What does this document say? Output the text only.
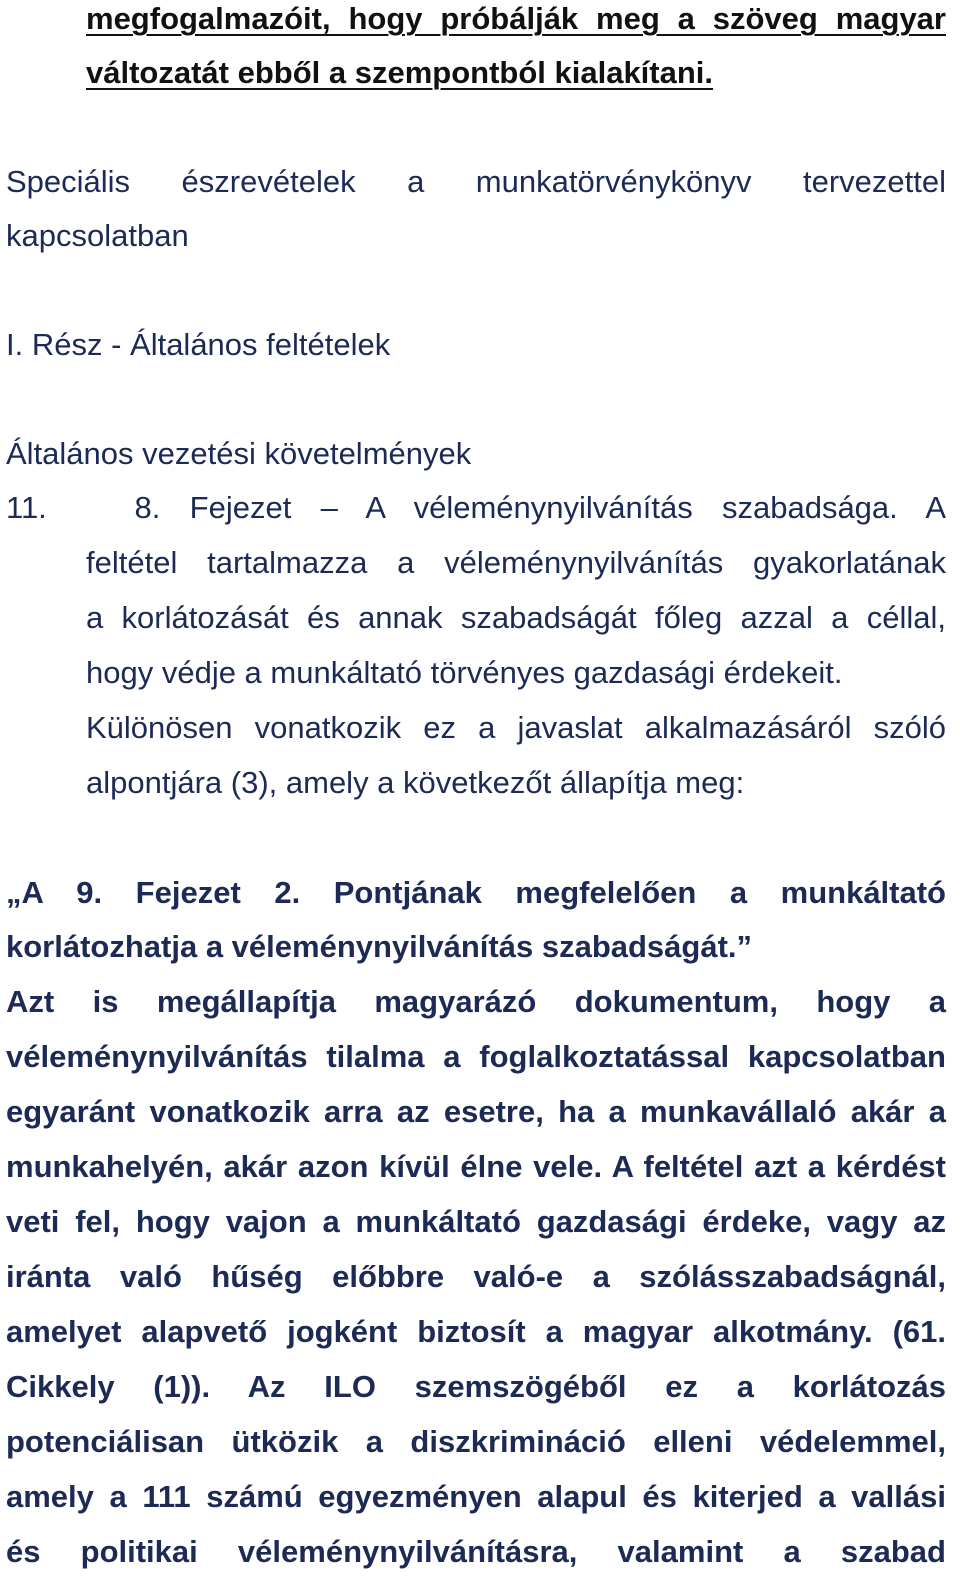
megfogalmazóit, hogy próbálják meg a szöveg magyar
változatát ebből a szempontból kialakítani.
Speciális észrevételek a munkatörvénykönyv tervezettel
kapcsolatban
I. Rész - Általános feltételek
Általános vezetési követelmények
11.   8. Fejezet – A véleménynyilvánítás szabadsága. A
feltétel tartalmazza a véleménynyilvánítás gyakorlatának
a korlátozását és annak szabadságát főleg azzal a céllal,
hogy védje a munkáltató törvényes gazdasági érdekeit.
Különösen vonatkozik ez a javaslat alkalmazásáról szóló
alpontjára (3), amely a következőt állapítja meg:
„A 9. Fejezet 2. Pontjának megfelelően a munkáltató
korlátozhatja a véleménynyilvánítás szabadságát.”
Azt is megállapítja magyarázó dokumentum, hogy a
véleménynyilvánítás tilalma a foglalkoztatással kapcsolatban
egyaránt vonatkozik arra az esetre, ha a munkavállaló akár a
munkahelyén, akár azon kívül élne vele. A feltétel azt a kérdést
veti fel, hogy vajon a munkáltató gazdasági érdeke, vagy az
iránta való hűség előbbre való-e a szólásszabadságnál,
amelyet alapvető jogként biztosít a magyar alkotmány. (61.
Cikkely (1)). Az ILO szemszögéből ez a korlátozás
potenciálisan ütközik a diszkrimináció elleni védelemmel,
amely a 111 számú egyezményen alapul és kiterjed a vallási
és politikai véleménynyilvánításra, valamint a szabad
